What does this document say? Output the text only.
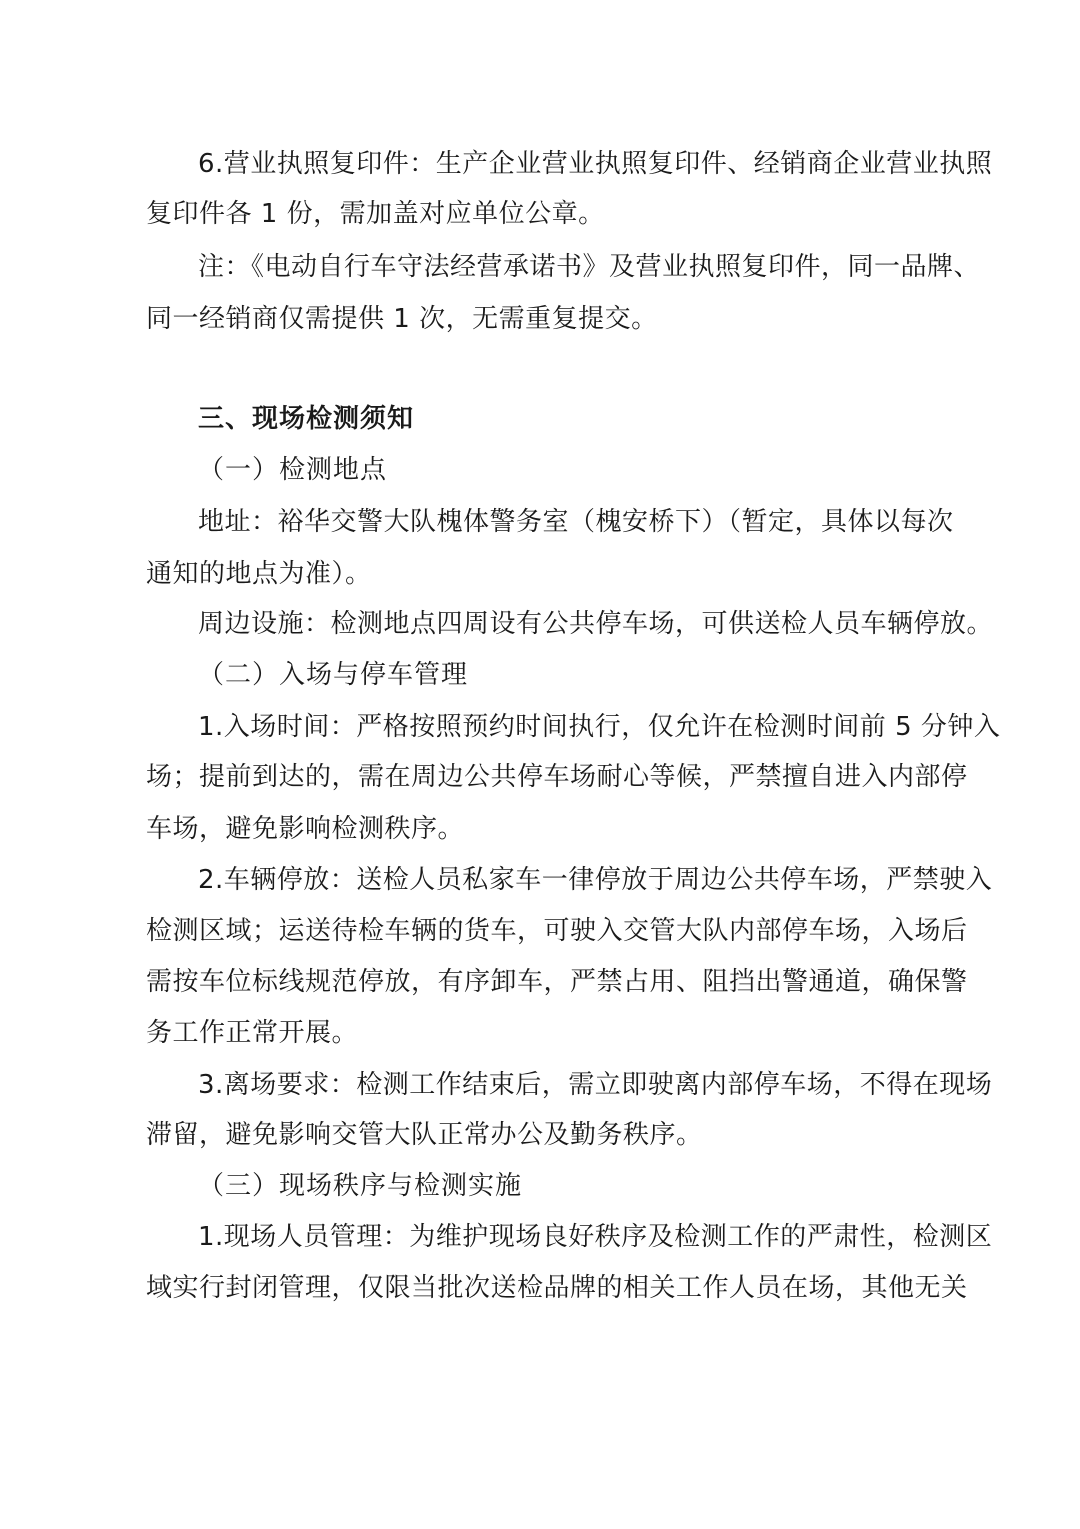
6.营业执照复印件：生产企业营业执照复印件、经销商企业营业执照
复印件各 1 份，需加盖对应单位公章。
注：《电动自行车守法经营承诺书》及营业执照复印件，同一品牌、
同一经销商仅需提供 1 次，无需重复提交。
三、现场检测须知
（一）检测地点
地址：裕华交警大队槐体警务室（槐安桥下）（暂定，具体以每次
通知的地点为准）。
周边设施：检测地点四周设有公共停车场，可供送检人员车辆停放。
（二）入场与停车管理
1.入场时间：严格按照预约时间执行，仅允许在检测时间前 5 分钟入
场；提前到达的，需在周边公共停车场耐心等候，严禁擅自进入内部停
车场，避免影响检测秩序。
2.车辆停放：送检人员私家车一律停放于周边公共停车场，严禁驶入
检测区域；运送待检车辆的货车，可驶入交管大队内部停车场，入场后
需按车位标线规范停放，有序卸车，严禁占用、阻挡出警通道，确保警
务工作正常开展。
3.离场要求：检测工作结束后，需立即驶离内部停车场，不得在现场
滞留，避免影响交管大队正常办公及勤务秩序。
（三）现场秩序与检测实施
1.现场人员管理：为维护现场良好秩序及检测工作的严肃性，检测区
域实行封闭管理，仅限当批次送检品牌的相关工作人员在场，其他无关
